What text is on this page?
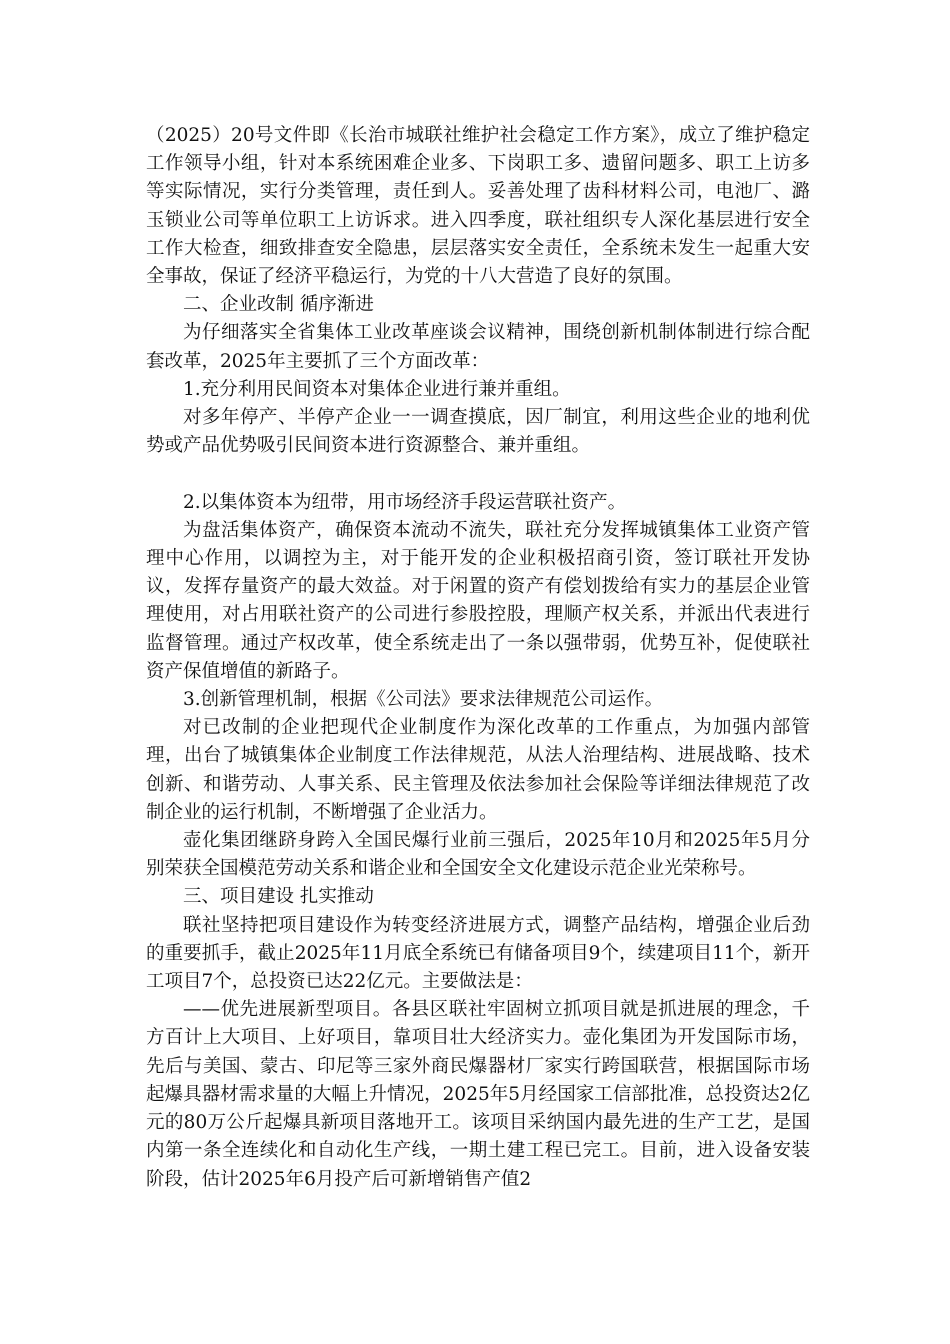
（2025）20号文件即《长治市城联社维护社会稳定工作方案》，成立了维护稳定工作领导小组，针对本系统困难企业多、下岗职工多、遗留问题多、职工上访多等实际情况，实行分类管理，责任到人。妥善处理了齿科材料公司，电池厂、潞玉锁业公司等单位职工上访诉求。进入四季度，联社组织专人深化基层进行安全工作大检查，细致排查安全隐患，层层落实安全责任，全系统未发生一起重大安全事故，保证了经济平稳运行，为党的十八大营造了良好的氛围。

二、企业改制 循序渐进

为仔细落实全省集体工业改革座谈会议精神，围绕创新机制体制进行综合配套改革，2025年主要抓了三个方面改革：

1.充分利用民间资本对集体企业进行兼并重组。

对多年停产、半停产企业一一调查摸底，因厂制宜，利用这些企业的地利优势或产品优势吸引民间资本进行资源整合、兼并重组。

2.以集体资本为纽带，用市场经济手段运营联社资产。

为盘活集体资产，确保资本流动不流失，联社充分发挥城镇集体工业资产管理中心作用，以调控为主，对于能开发的企业积极招商引资，签订联社开发协议，发挥存量资产的最大效益。对于闲置的资产有偿划拨给有实力的基层企业管理使用，对占用联社资产的公司进行参股控股，理顺产权关系，并派出代表进行监督管理。通过产权改革，使全系统走出了一条以强带弱，优势互补，促使联社资产保值增值的新路子。

3.创新管理机制，根据《公司法》要求法律规范公司运作。

对已改制的企业把现代企业制度作为深化改革的工作重点，为加强内部管理，出台了城镇集体企业制度工作法律规范，从法人治理结构、进展战略、技术创新、和谐劳动、人事关系、民主管理及依法参加社会保险等详细法律规范了改制企业的运行机制，不断增强了企业活力。

壶化集团继跻身跨入全国民爆行业前三强后，2025年10月和2025年5月分别荣获全国模范劳动关系和谐企业和全国安全文化建设示范企业光荣称号。

三、项目建设 扎实推动

联社坚持把项目建设作为转变经济进展方式，调整产品结构，增强企业后劲的重要抓手，截止2025年11月底全系统已有储备项目9个，续建项目11个，新开工项目7个，总投资已达22亿元。主要做法是：

——优先进展新型项目。各县区联社牢固树立抓项目就是抓进展的理念，千方百计上大项目、上好项目，靠项目壮大经济实力。壶化集团为开发国际市场，先后与美国、蒙古、印尼等三家外商民爆器材厂家实行跨国联营，根据国际市场起爆具器材需求量的大幅上升情况，2025年5月经国家工信部批准，总投资达2亿元的80万公斤起爆具新项目落地开工。该项目采纳国内最先进的生产工艺，是国内第一条全连续化和自动化生产线，一期土建工程已完工。目前，进入设备安装阶段，估计2025年6月投产后可新增销售产值2
